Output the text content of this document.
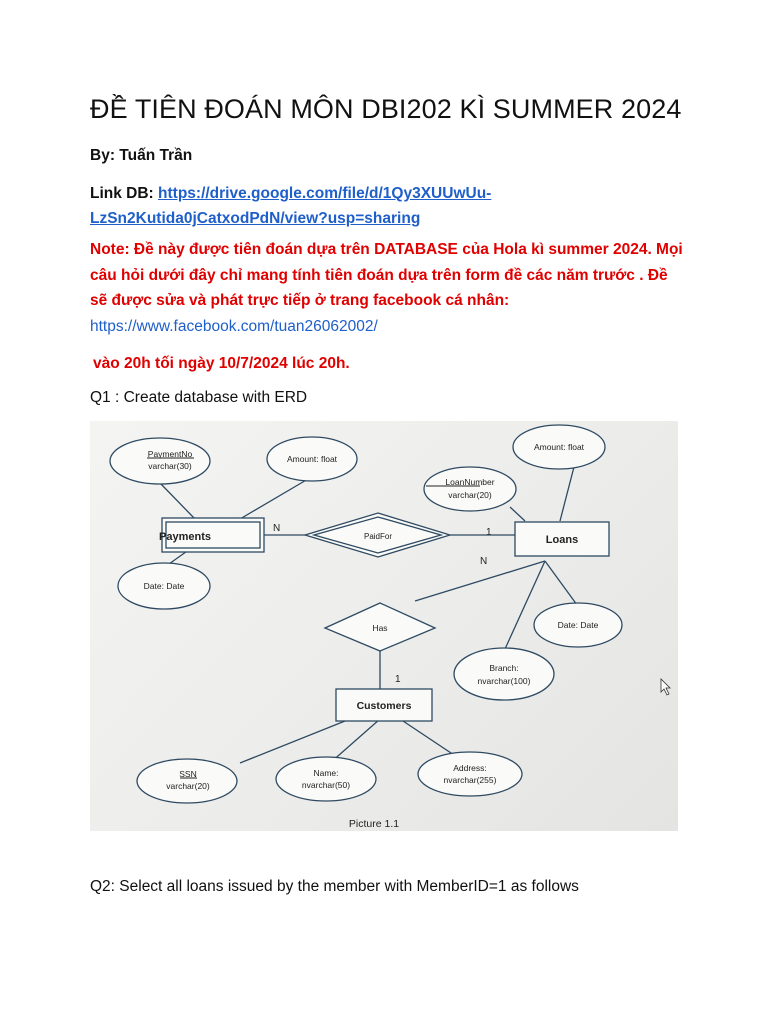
ĐỀ TIÊN ĐOÁN MÔN DBI202 KÌ SUMMER 2024
By: Tuấn Trần
Link DB: https://drive.google.com/file/d/1Qy3XUUwUu-
LzSn2Kutida0jCatxodPdN/view?usp=sharing
Note: Đề này được tiên đoán dựa trên DATABASE của Hola kì summer 2024. Mọi
câu hỏi dưới đây chỉ mang tính tiên đoán dựa trên form đề các năm trước . Đề
sẽ được sửa và phát trực tiếp ở trang facebook cá nhân:
https://www.facebook.com/tuan26062002/
vào 20h tối ngày 10/7/2024 lúc 20h.
Q1 : Create database with ERD
Payments	Loans
Customers
PaidFor
Has
PaymentNo
varchar(30)
Amount: float
Date: Date
Amount: float
LoanNumber
varchar(20)
Date: Date
Branch:
nvarchar(100)
SSN
varchar(20)
Name:
nvarchar(50)
Address:
nvarchar(255)
N	1
N
1
Picture 1.1
Q2: Select all loans issued by the member with MemberID=1 as follows
